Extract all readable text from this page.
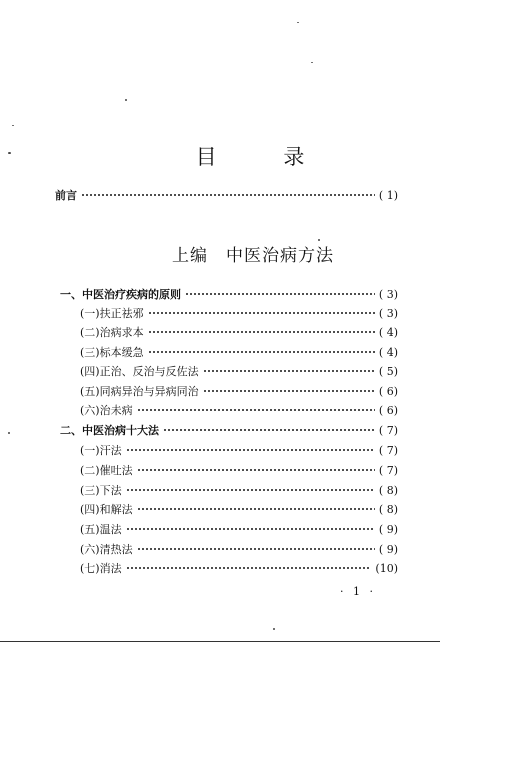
目 录
前言	( 1)
上编　中医治病方法
一、中医治疗疾病的原则	( 3)
(一)扶正祛邪	( 3)
(二)治病求本	( 4)
(三)标本缓急	( 4)
(四)正治、反治与反佐法	( 5)
(五)同病异治与异病同治	( 6)
(六)治未病	( 6)
二、中医治病十大法	( 7)
(一)汗法	( 7)
(二)催吐法	( 7)
(三)下法	( 8)
(四)和解法	( 8)
(五)温法	( 9)
(六)清热法	( 9)
(七)消法	(10)
· 1 ·
